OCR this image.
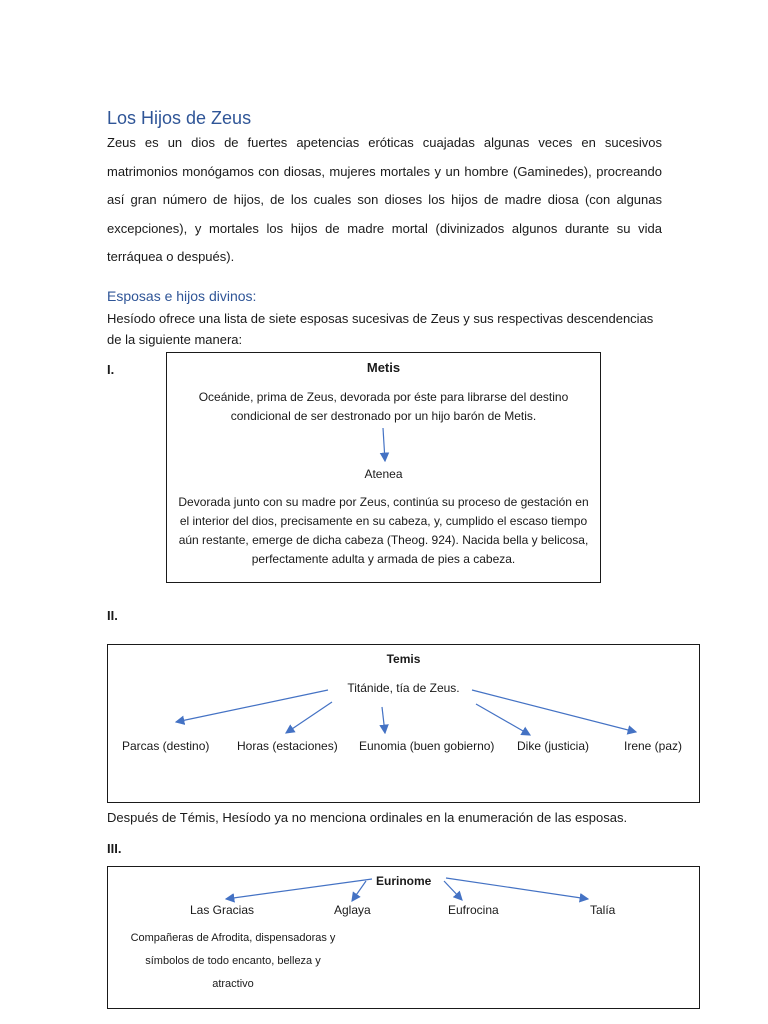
Los Hijos de Zeus
Zeus es un dios de fuertes apetencias eróticas cuajadas algunas veces en sucesivos matrimonios monógamos con diosas, mujeres mortales y un hombre (Gaminedes), procreando así gran número de hijos, de los cuales son dioses los hijos de madre diosa (con algunas excepciones), y mortales los hijos de madre mortal (divinizados algunos durante su vida terráquea o después).
Esposas e hijos divinos:
Hesíodo ofrece una lista de siete esposas sucesivas de Zeus y sus respectivas descendencias de la siguiente manera:
I.	Metis
Oceánide, prima de Zeus, devorada por éste para librarse del destino condicional de ser destronado por un hijo barón de Metis.
Atenea
Devorada junto con su madre por Zeus, continúa su proceso de gestación en el interior del dios, precisamente en su cabeza, y, cumplido el escaso tiempo aún restante, emerge de dicha cabeza (Theog. 924). Nacida bella y belicosa, perfectamente adulta y armada de pies a cabeza.
II.
Temis
Titánide, tía de Zeus.
Parcas (destino) Horas (estaciones) Eunomia (buen gobierno) Dike (justicia)	Irene (paz)
Después de Témis, Hesíodo ya no menciona ordinales en la enumeración de las esposas.
III.
Eurinome
Las Gracias	Aglaya	Eufrocina	Talía
Compañeras de Afrodita, dispensadoras y símbolos de todo encanto, belleza y atractivo
